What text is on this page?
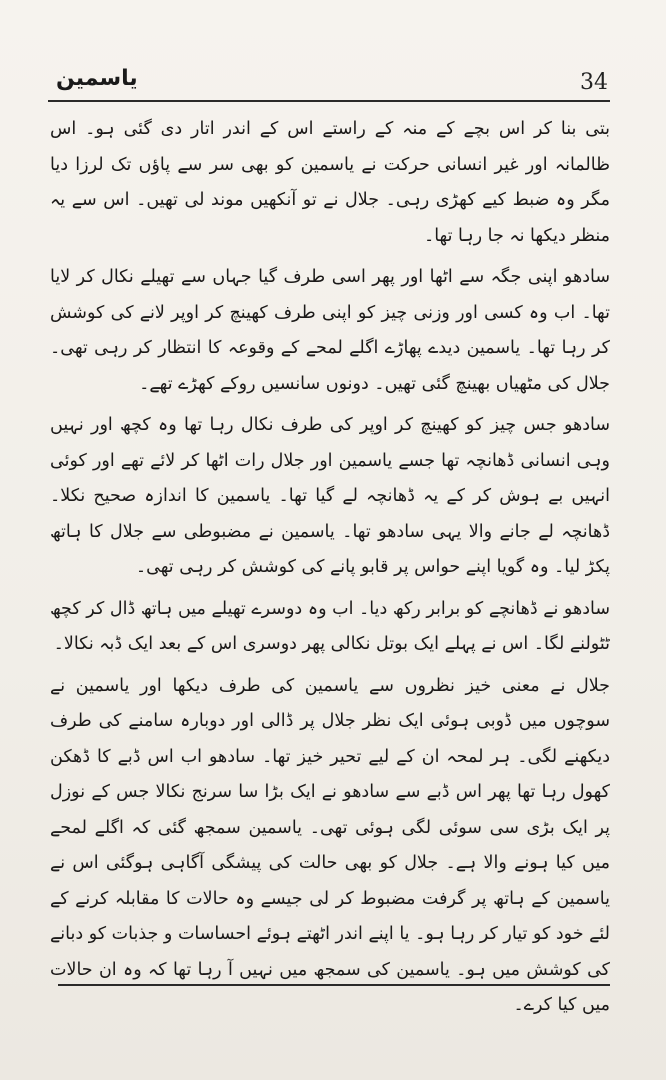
یاسمین	34

بتی بنا کر اس بچے کے منہ کے راستے اس کے اندر اتار دی گئی ہو۔ اس ظالمانہ اور غیر انسانی حرکت نے یاسمین کو بھی سر سے پاؤں تک لرزا دیا مگر وہ ضبط کیے کھڑی رہی۔ جلال نے تو آنکھیں موند لی تھیں۔ اس سے یہ منظر دیکھا نہ جا رہا تھا۔

سادھو اپنی جگہ سے اٹھا اور پھر اسی طرف گیا جہاں سے تھیلے نکال کر لایا تھا۔ اب وہ کسی اور وزنی چیز کو اپنی طرف کھینچ کر اوپر لانے کی کوشش کر رہا تھا۔ یاسمین دیدے پھاڑے اگلے لمحے کے وقوعہ کا انتظار کر رہی تھی۔ جلال کی مٹھیاں بھینچ گئی تھیں۔ دونوں سانسیں روکے کھڑے تھے۔

سادھو جس چیز کو کھینچ کر اوپر کی طرف نکال رہا تھا وہ کچھ اور نہیں وہی انسانی ڈھانچہ تھا جسے یاسمین اور جلال رات اٹھا کر لائے تھے اور کوئی انہیں بے ہوش کر کے یہ ڈھانچہ لے گیا تھا۔ یاسمین کا اندازہ صحیح نکلا۔ ڈھانچہ لے جانے والا یہی سادھو تھا۔ یاسمین نے مضبوطی سے جلال کا ہاتھ پکڑ لیا۔ وہ گویا اپنے حواس پر قابو پانے کی کوشش کر رہی تھی۔

سادھو نے ڈھانچے کو برابر رکھ دیا۔ اب وہ دوسرے تھیلے میں ہاتھ ڈال کر کچھ ٹٹولنے لگا۔ اس نے پہلے ایک بوتل نکالی پھر دوسری اس کے بعد ایک ڈبہ نکالا۔

جلال نے معنی خیز نظروں سے یاسمین کی طرف دیکھا اور یاسمین نے سوچوں میں ڈوبی ہوئی ایک نظر جلال پر ڈالی اور دوبارہ سامنے کی طرف دیکھنے لگی۔ ہر لمحہ ان کے لیے تحیر خیز تھا۔ سادھو اب اس ڈبے کا ڈھکن کھول رہا تھا پھر اس ڈبے سے سادھو نے ایک بڑا سا سرنج نکالا جس کے نوزل پر ایک بڑی سی سوئی لگی ہوئی تھی۔ یاسمین سمجھ گئی کہ اگلے لمحے میں کیا ہونے والا ہے۔ جلال کو بھی حالت کی پیشگی آگاہی ہوگئی اس نے یاسمین کے ہاتھ پر گرفت مضبوط کر لی جیسے وہ حالات کا مقابلہ کرنے کے لئے خود کو تیار کر رہا ہو۔ یا اپنے اندر اٹھتے ہوئے احساسات و جذبات کو دبانے کی کوشش میں ہو۔ یاسمین کی سمجھ میں نہیں آ رہا تھا کہ وہ ان حالات میں کیا کرے۔
